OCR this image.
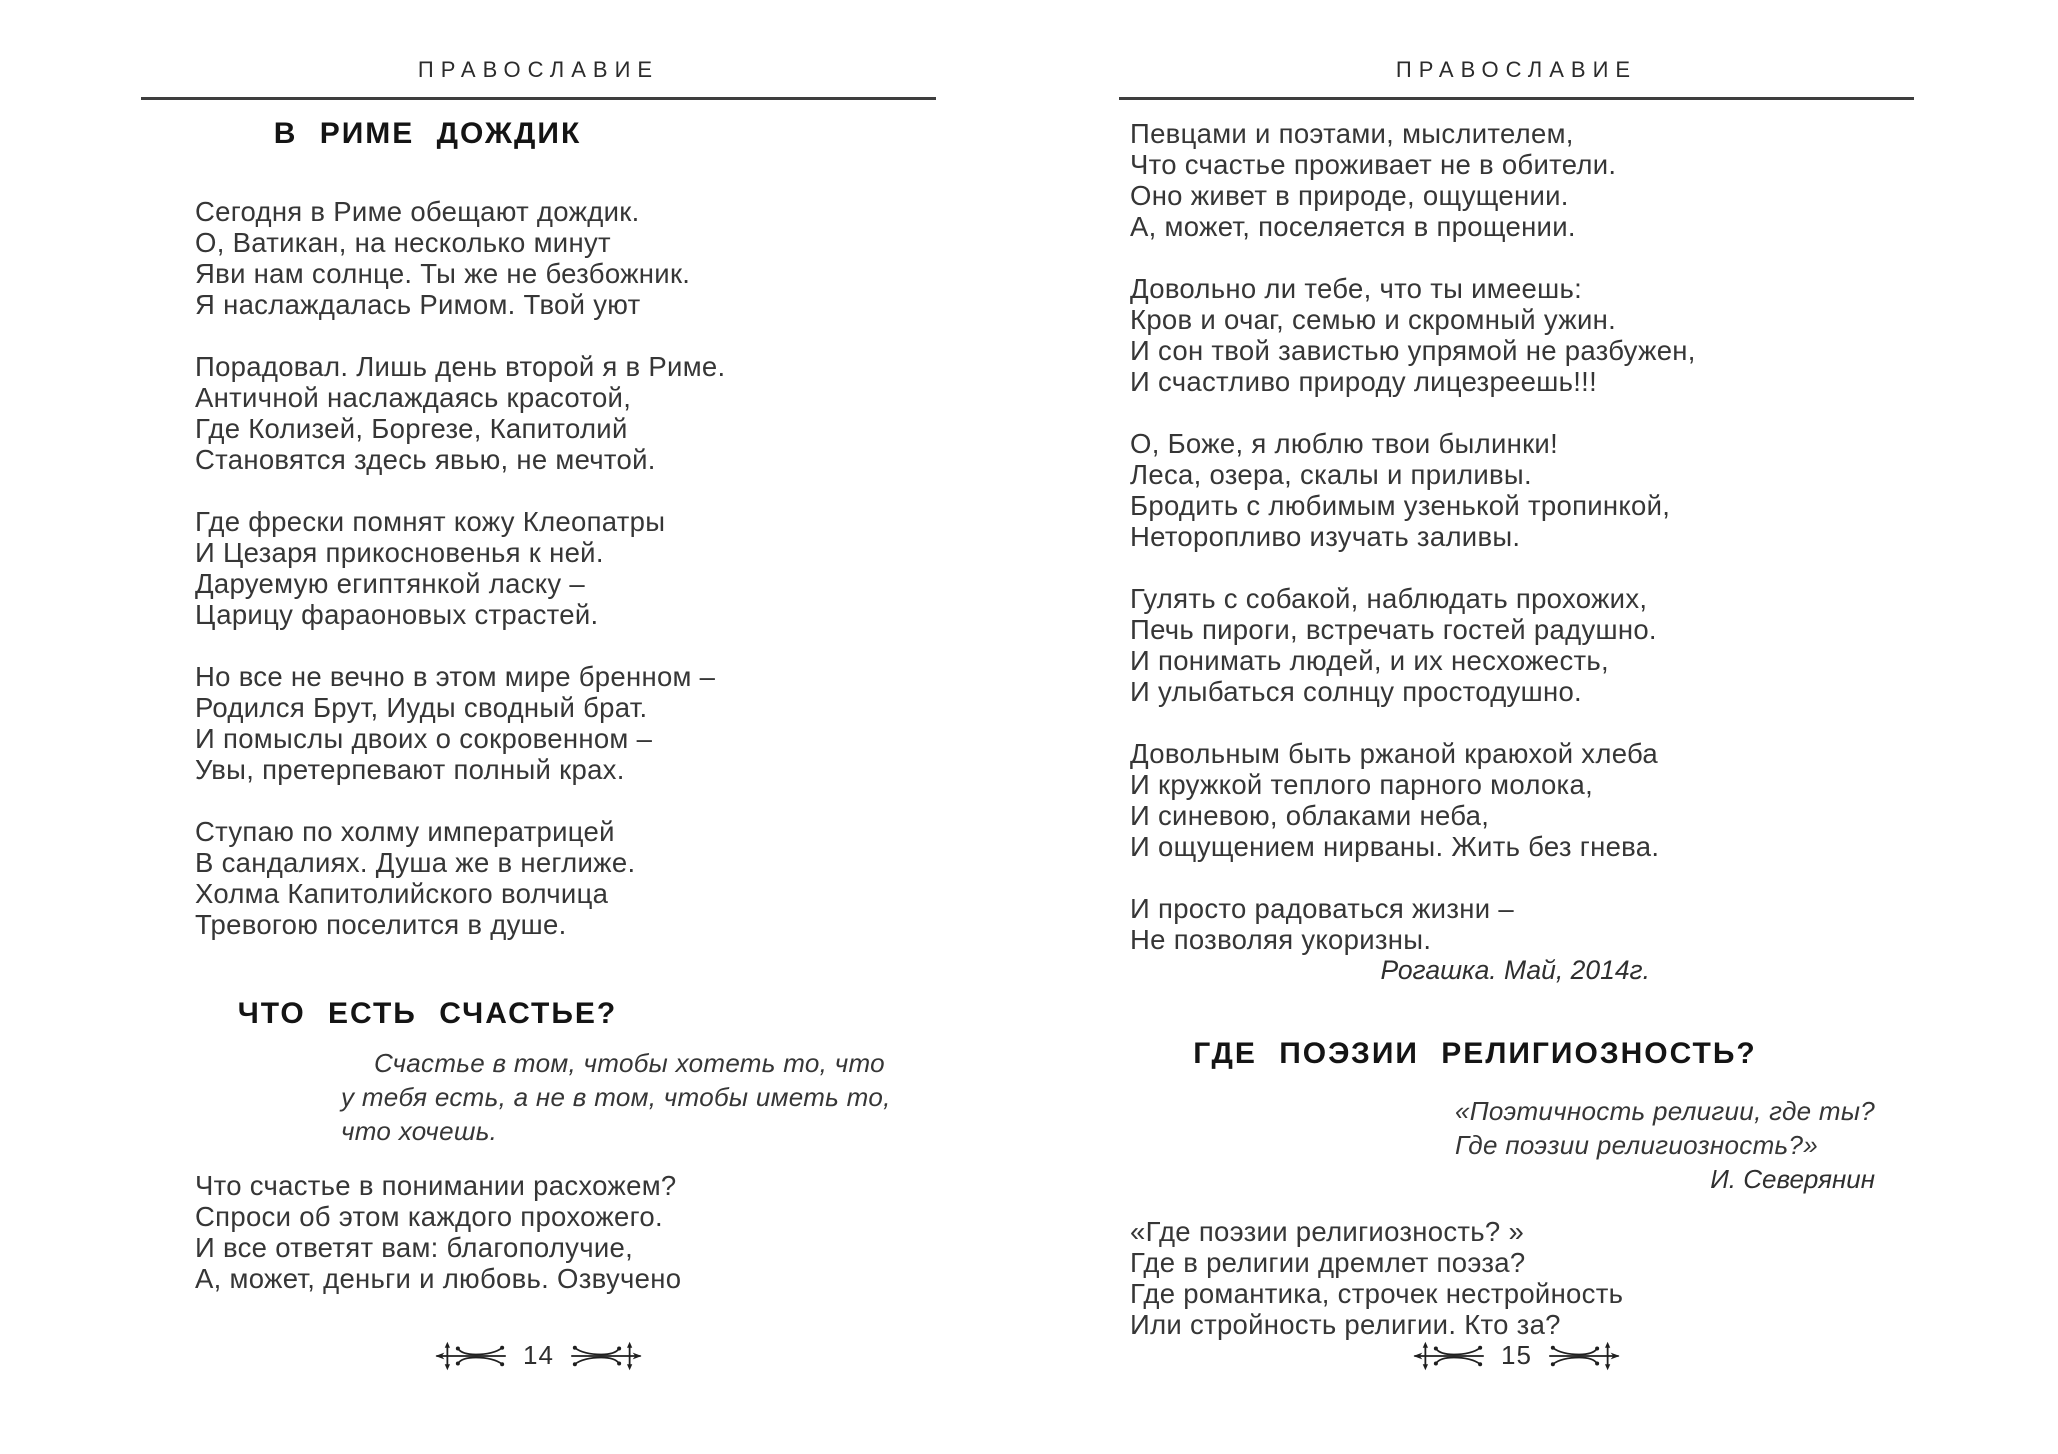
ПРАВОСЛАВИЕ
В РИМЕ ДОЖДИК
Сегодня в Риме обещают дождик.
О, Ватикан, на несколько минут
Яви нам солнце. Ты же не безбожник.
Я наслаждалась Римом. Твой уют
Порадовал. Лишь день второй я в Риме.
Античной наслаждаясь красотой,
Где Колизей, Боргезе, Капитолий
Становятся здесь явью, не мечтой.
Где фрески помнят кожу Клеопатры
И Цезаря прикосновенья к ней.
Даруемую египтянкой ласку –
Царицу фараоновых страстей.
Но все не вечно в этом мире бренном –
Родился Брут, Иуды сводный брат.
И помыслы двоих о сокровенном –
Увы, претерпевают полный крах.
Ступаю по холму императрицей
В сандалиях. Душа же в неглиже.
Холма Капитолийского волчица
Тревогою поселится в душе.
ЧТО ЕСТЬ СЧАСТЬЕ?
Счастье в том, чтобы хотеть то, что
у тебя есть, а не в том, чтобы иметь то,
что хочешь.
Что счастье в понимании расхожем?
Спроси об этом каждого прохожего.
И все ответят вам: благополучие,
А, может, деньги и любовь. Озвучено
14
ПРАВОСЛАВИЕ
Певцами и поэтами, мыслителем,
Что счастье проживает не в обители.
Оно живет в природе, ощущении.
А, может, поселяется в прощении.
Довольно ли тебе, что ты имеешь:
Кров и очаг, семью и скромный ужин.
И сон твой завистью упрямой не разбужен,
И счастливо природу лицезреешь!!!
О, Боже, я люблю твои былинки!
Леса, озера, скалы и приливы.
Бродить с любимым узенькой тропинкой,
Неторопливо изучать заливы.
Гулять с собакой, наблюдать прохожих,
Печь пироги, встречать гостей радушно.
И понимать людей, и их несхожесть,
И улыбаться солнцу простодушно.
Довольным быть ржаной краюхой хлеба
И кружкой теплого парного молока,
И синевою, облаками неба,
И ощущением нирваны. Жить без гнева.
И просто радоваться жизни –
Не позволяя укоризны.
Рогашка. Май, 2014г.
ГДЕ ПОЭЗИИ РЕЛИГИОЗНОСТЬ?
«Поэтичность религии, где ты?
Где поэзии религиозность?»
И. Северянин
«Где поэзии религиозность? »
Где в религии дремлет поэза?
Где романтика, строчек нестройность
Или стройность религии. Кто за?
15
